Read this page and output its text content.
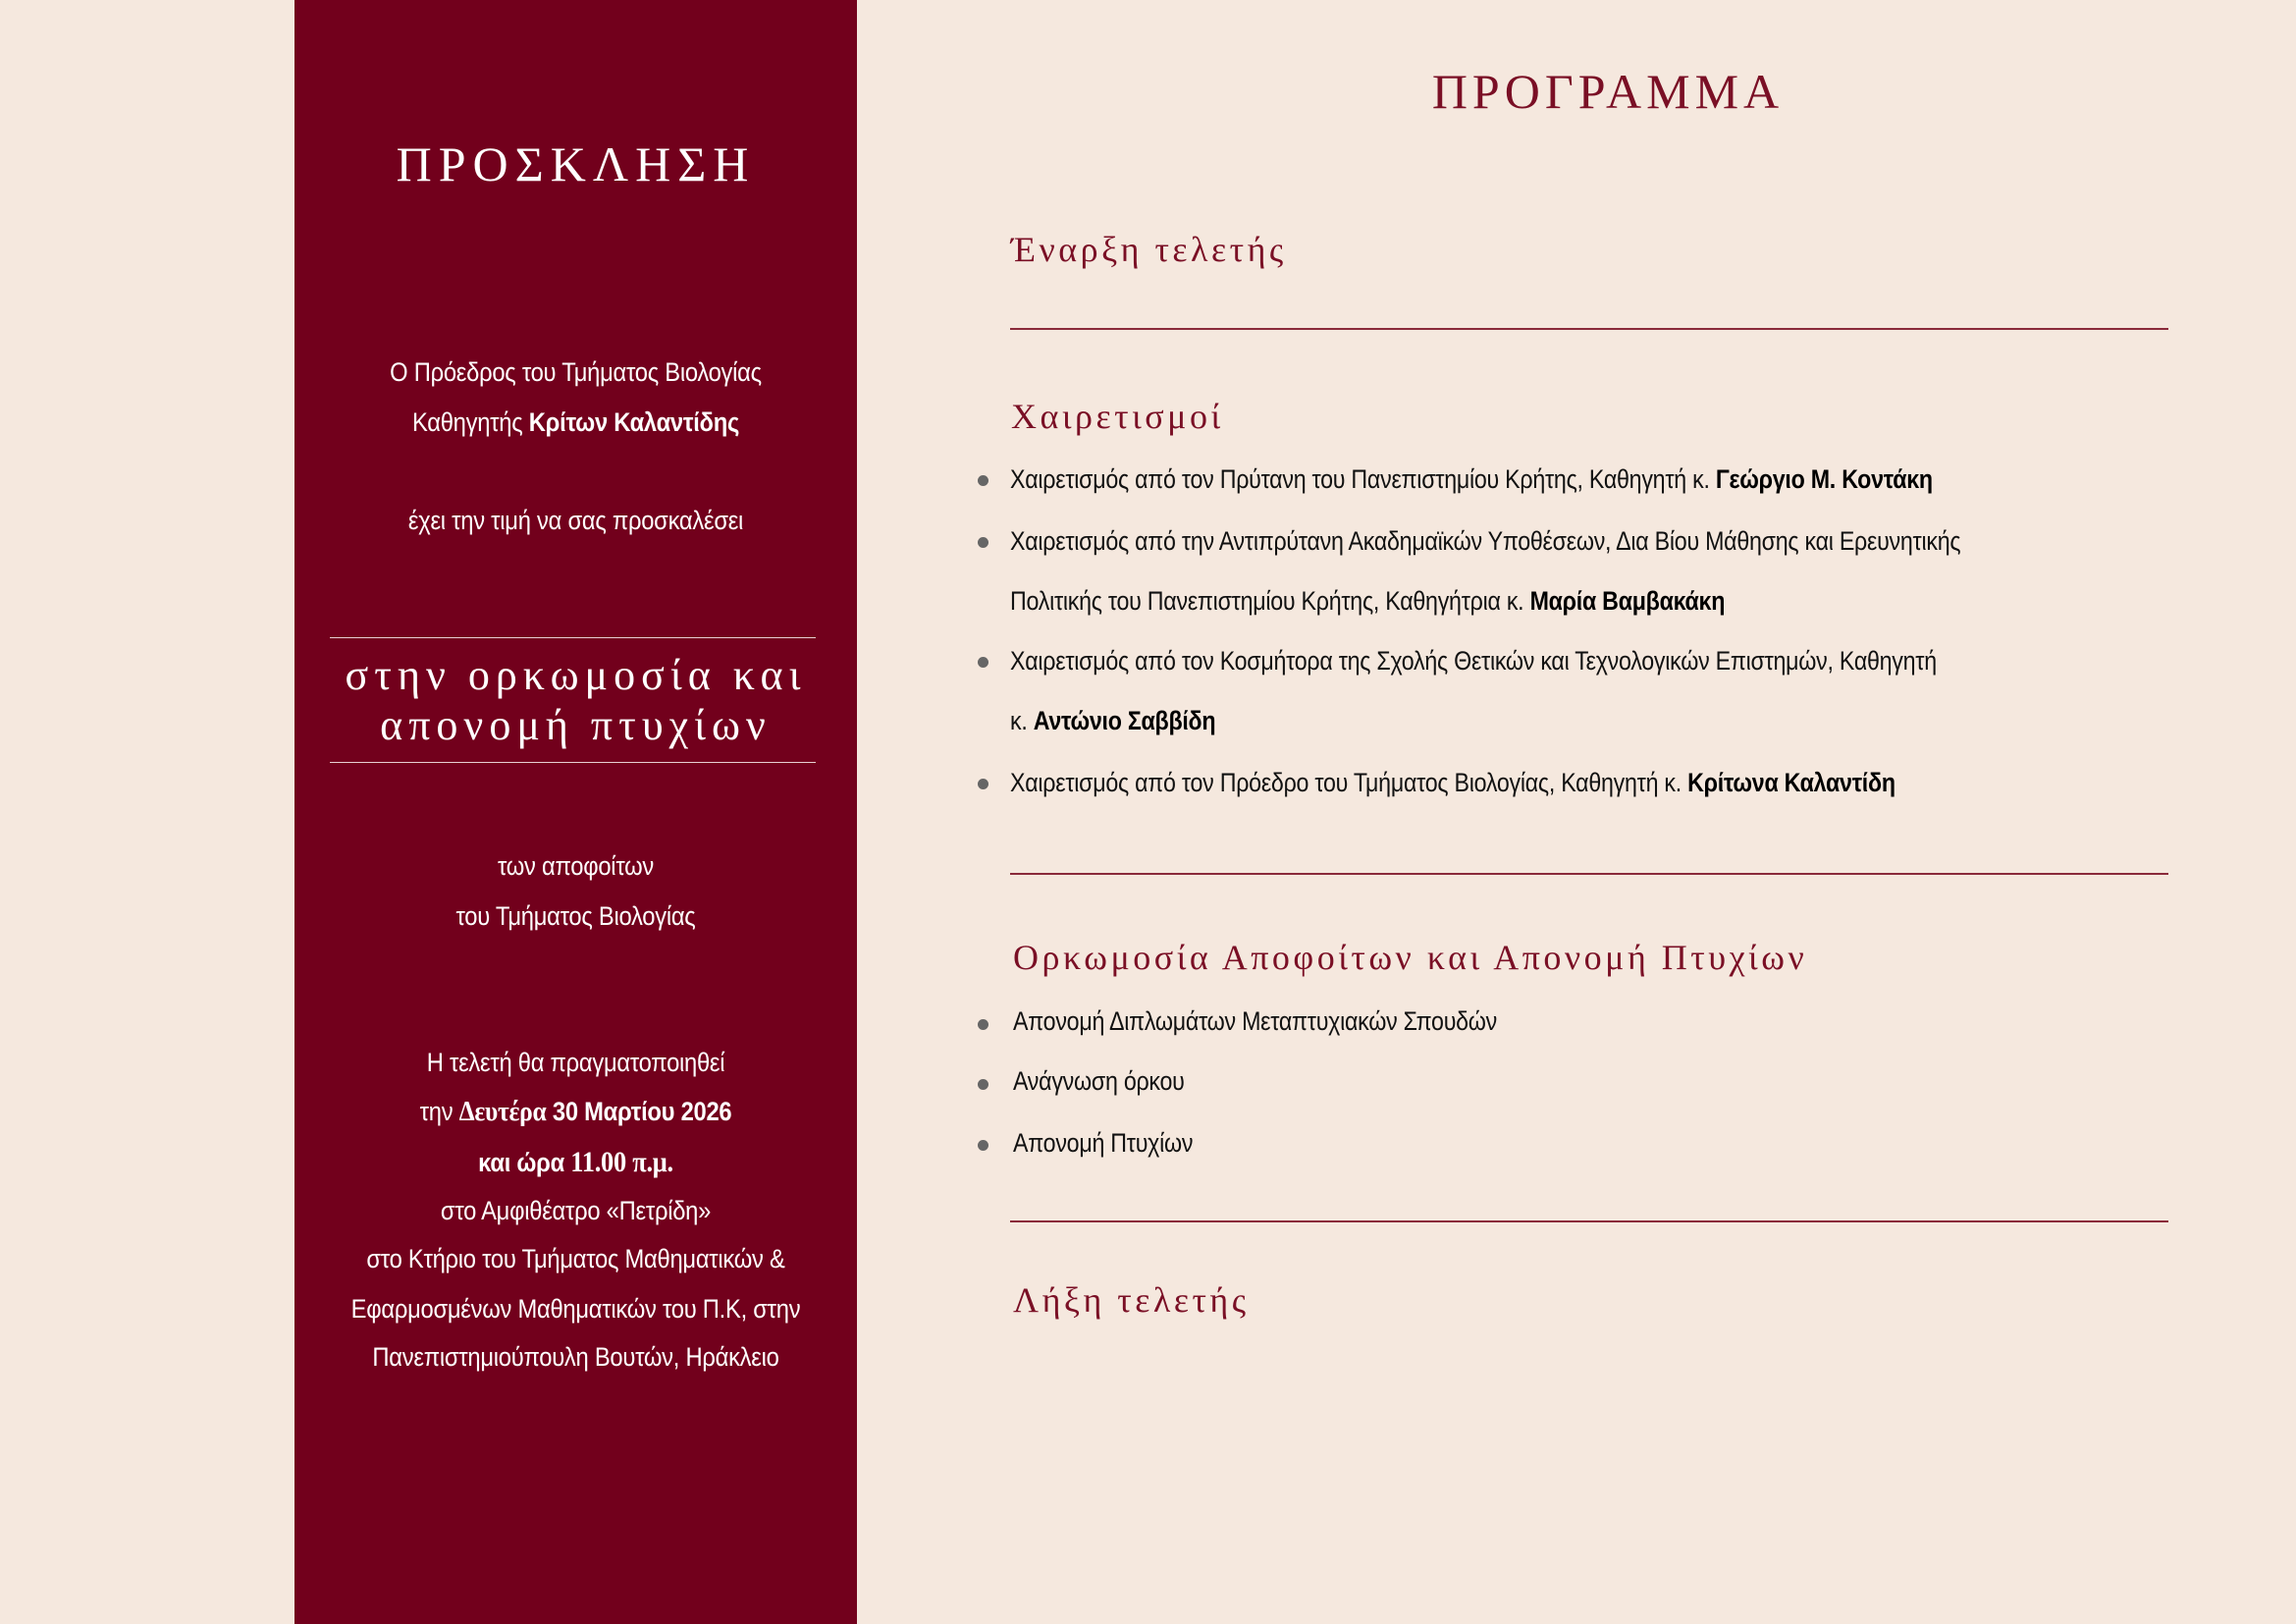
ΠΡΟΣΚΛΗΣΗ
Ο Πρόεδρος του Τμήματος Βιολογίας
Καθηγητής Κρίτων Καλαντίδης
έχει την τιμή να σας προσκαλέσει
στην ορκωμοσία και
απονομή πτυχίων
των αποφοίτων
του Τμήματος Βιολογίας
Η τελετή θα πραγματοποιηθεί
την Δευτέρα 30 Μαρτίου 2026
και ώρα 11.00 π.μ.
στο Αμφιθέατρο «Πετρίδη»
στο Κτήριο του Τμήματος Μαθηματικών &
Εφαρμοσμένων Μαθηματικών του Π.Κ, στην
Πανεπιστημιούπουλη Βουτών, Ηράκλειο
ΠΡΟΓΡΑΜΜΑ
Έναρξη τελετής
Χαιρετισμοί
Χαιρετισμός από τον Πρύτανη του Πανεπιστημίου Κρήτης, Καθηγητή κ. Γεώργιο Μ. Κοντάκη
Χαιρετισμός από την Αντιπρύτανη Ακαδημαϊκών Υποθέσεων, Δια Βίου Μάθησης και Ερευνητικής
Πολιτικής του Πανεπιστημίου Κρήτης, Καθηγήτρια κ. Μαρία Βαμβακάκη
Χαιρετισμός από τον Κοσμήτορα της Σχολής Θετικών και Τεχνολογικών Επιστημών, Καθηγητή
κ. Αντώνιο Σαββίδη
Χαιρετισμός από τον Πρόεδρο του Τμήματος Βιολογίας, Καθηγητή κ. Κρίτωνα Καλαντίδη
Ορκωμοσία Αποφοίτων και Απονομή Πτυχίων
Απονομή Διπλωμάτων Μεταπτυχιακών Σπουδών
Ανάγνωση όρκου
Απονομή Πτυχίων
Λήξη τελετής
